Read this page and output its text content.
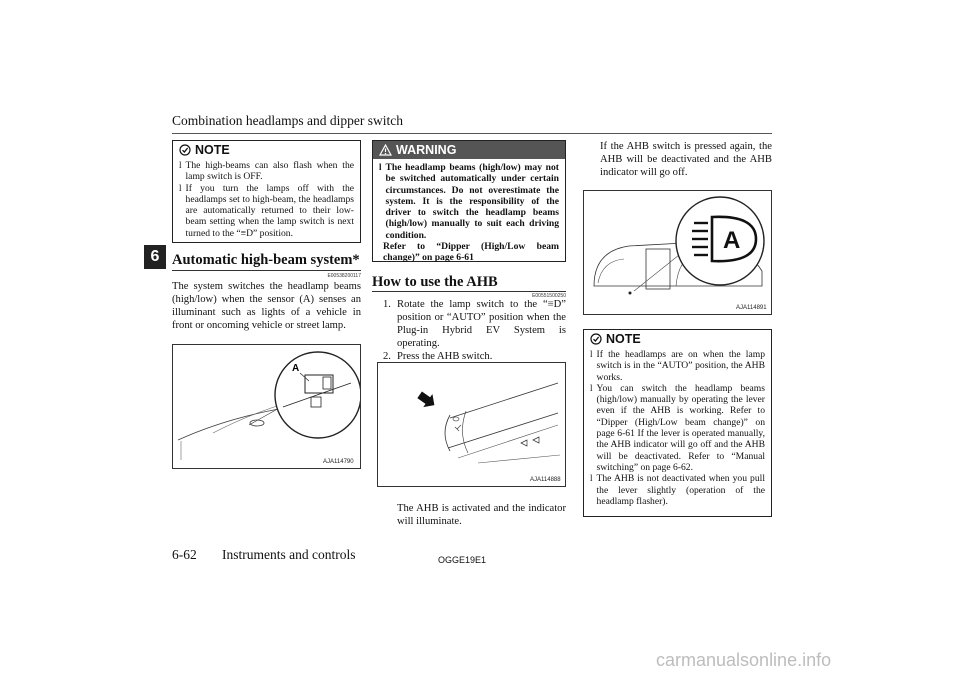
Combination headlamps and dipper switch
6
NOTE
l The high-beams can also flash when the lamp switch is OFF.
l If you turn the lamps off with the headlamps set to high-beam, the headlamps are automatically returned to their low-beam setting when the lamp switch is next turned to the “≡D” position.
Automatic high-beam system*
E00538200117
The system switches the headlamp beams (high/low) when the sensor (A) senses an illuminant such as lights of a vehicle in front or oncoming vehicle or street lamp.
A
AJA114790
WARNING
l The headlamp beams (high/low) may not be switched automatically under certain circumstances. Do not overestimate the system. It is the responsibility of the driver to switch the headlamp beams (high/low) manually to suit each driving condition.
Refer to “Dipper (High/Low beam change)” on page 6-61
How to use the AHB
E00551500250
1. Rotate the lamp switch to the “≡D” position or “AUTO” position when the Plug-in Hybrid EV System is operating.
2. Press the AHB switch.
AJA114888
The AHB is activated and the indicator will illuminate.
If the AHB switch is pressed again, the AHB will be deactivated and the AHB indicator will go off.
A
AJA114891
NOTE
l If the headlamps are on when the lamp switch is in the “AUTO” position, the AHB works.
l You can switch the headlamp beams (high/low) manually by operating the lever even if the AHB is working. Refer to “Dipper (High/Low beam change)” on page 6-61 If the lever is operated manually, the AHB indicator will go off and the AHB will be deactivated. Refer to “Manual switching” on page 6-62.
l The AHB is not deactivated when you pull the lever slightly (operation of the headlamp flasher).
6-62 Instruments and controls	OGGE19E1
carmanualsonline.info
